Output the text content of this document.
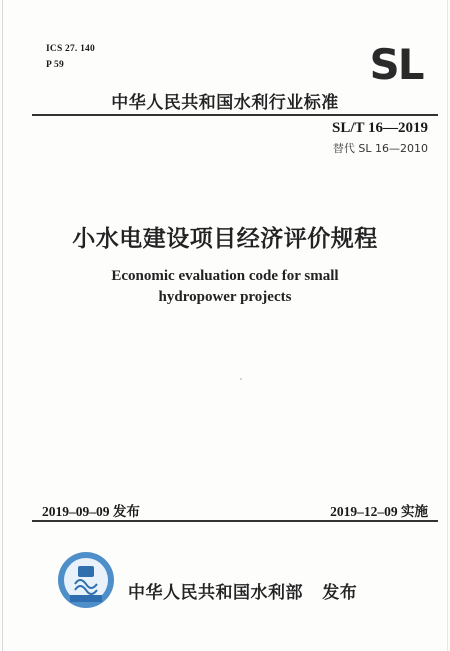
ICS 27. 140
P 59	SL
中华人民共和国水利行业标准
SL/T 16—2019
替代 SL 16—2010
小水电建设项目经济评价规程
Economic evaluation code for small
hydropower projects
2019–09–09 发布	2019–12–09 实施
中华人民共和国水利部   发布
